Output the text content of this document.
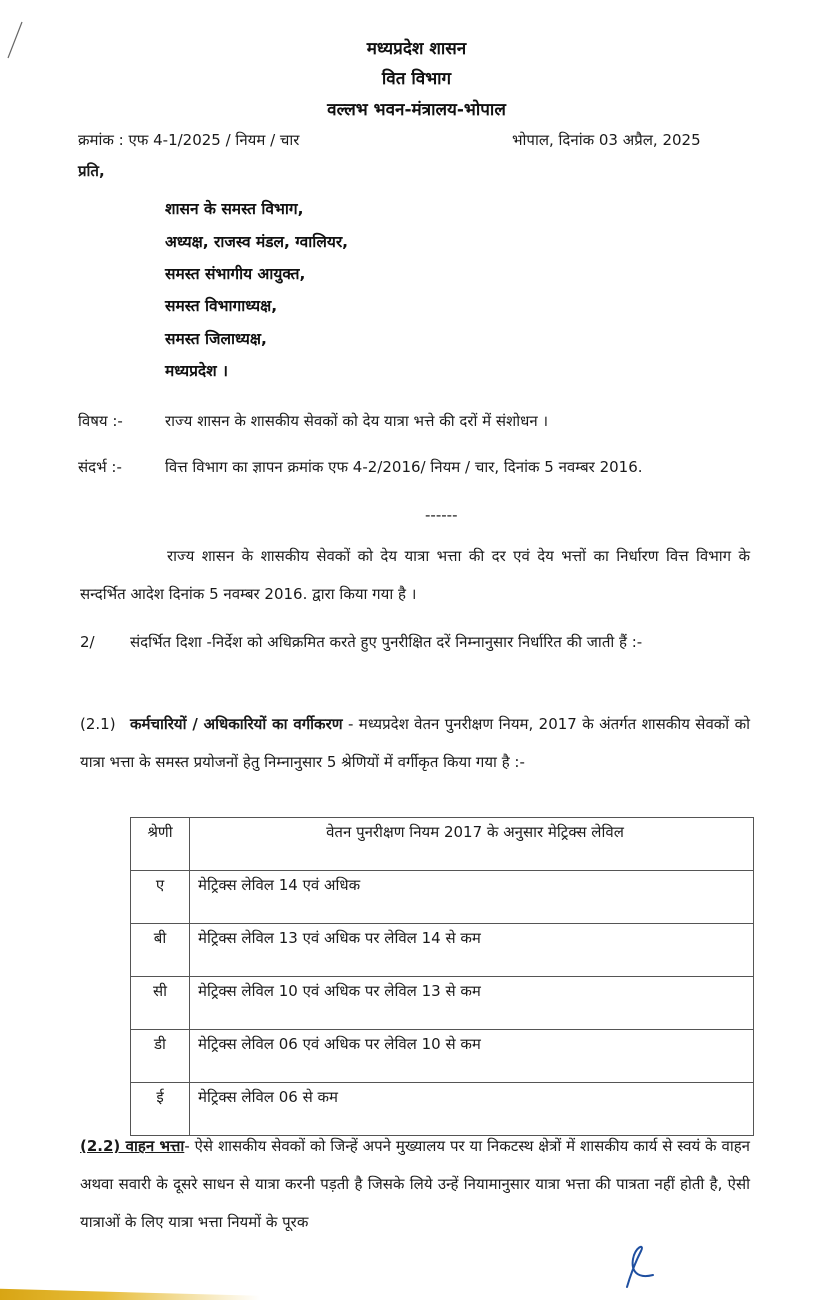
मध्यप्रदेश शासन
वित विभाग
वल्लभ भवन-मंत्रालय-भोपाल
क्रमांक : एफ 4-1/2025 / नियम / चार	भोपाल, दिनांक 03 अप्रैल, 2025
प्रति,
शासन के समस्त विभाग,
अध्यक्ष, राजस्व मंडल, ग्वालियर,
समस्त संभागीय आयुक्त,
समस्त विभागाध्यक्ष,
समस्त जिलाध्यक्ष,
मध्यप्रदेश ।
विषय :-	राज्य शासन के शासकीय सेवकों को देय यात्रा भत्ते की दरों में संशोधन ।
संदर्भ :-	वित्त विभाग का ज्ञापन क्रमांक एफ 4-2/2016/ नियम / चार, दिनांक 5 नवम्बर 2016.
------
राज्य शासन के शासकीय सेवकों को देय यात्रा भत्ता की दर एवं देय भत्तों का निर्धारण वित्त विभाग के सन्दर्भित आदेश दिनांक 5 नवम्बर 2016. द्वारा किया गया है ।
2/ संदर्भित दिशा -निर्देश को अधिक्रमित करते हुए पुनरीक्षित दरें निम्नानुसार निर्धारित की जाती हैं :-
(2.1) कर्मचारियों / अधिकारियों का वर्गीकरण - मध्यप्रदेश वेतन पुनरीक्षण नियम, 2017 के अंतर्गत शासकीय सेवकों को यात्रा भत्ता के समस्त प्रयोजनों हेतु निम्नानुसार 5 श्रेणियों में वर्गीकृत किया गया है :-
श्रेणी	वेतन पुनरीक्षण नियम 2017 के अनुसार मेट्रिक्स लेविल
ए	मेट्रिक्स लेविल 14 एवं अधिक
बी	मेट्रिक्स लेविल 13 एवं अधिक पर लेविल 14 से कम
सी	मेट्रिक्स लेविल 10 एवं अधिक पर लेविल 13 से कम
डी	मेट्रिक्स लेविल 06 एवं अधिक पर लेविल 10 से कम
ई	मेट्रिक्स लेविल 06 से कम
(2.2) वाहन भत्ता- ऐसे शासकीय सेवकों को जिन्हें अपने मुख्यालय पर या निकटस्थ क्षेत्रों में शासकीय कार्य से स्वयं के वाहन अथवा सवारी के दूसरे साधन से यात्रा करनी पड़ती है जिसके लिये उन्हें नियामानुसार यात्रा भत्ता की पात्रता नहीं होती है, ऐसी यात्राओं के लिए यात्रा भत्ता नियमों के पूरक
